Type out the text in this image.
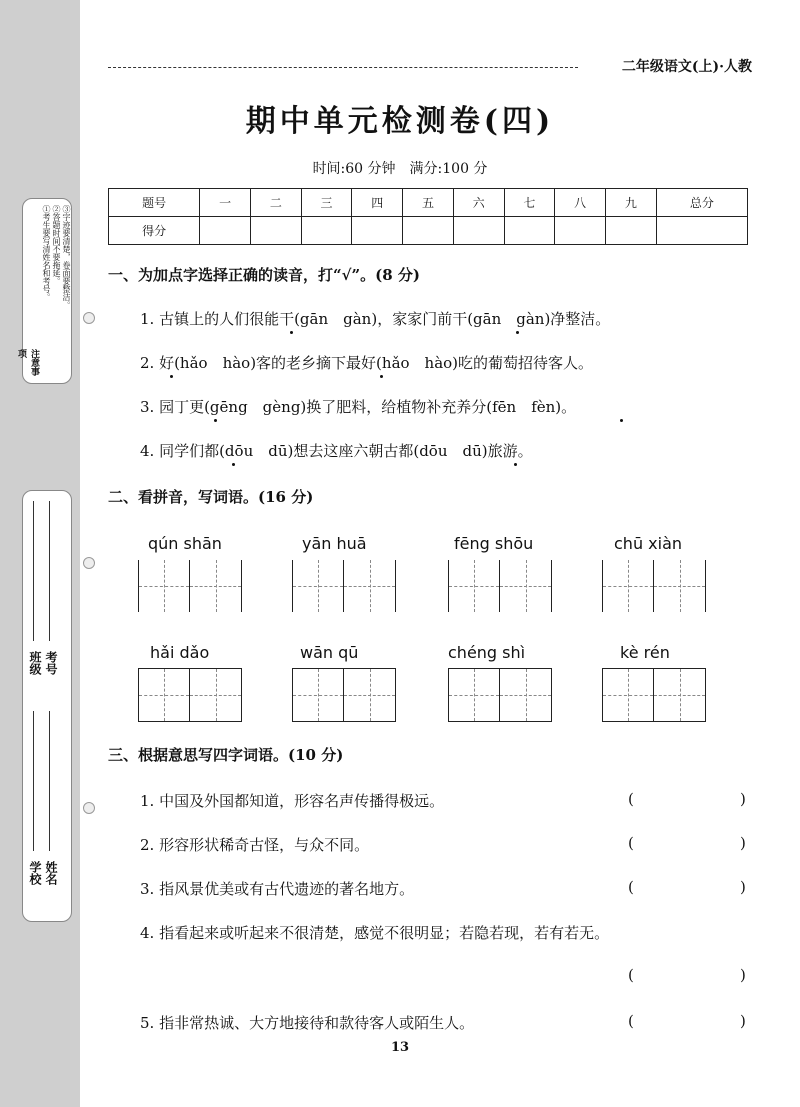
注意事项
①考生要写清姓名和考号。 ②答题时间不要拖延。 ③字迹要清楚，卷面要整洁。
学校 姓名
班级 考号
二年级语文(上)·人教
期中单元检测卷(四)
时间:60 分钟　满分:100 分
题号	一	二	三	四	五	六	七	八	九	总分
得分										
一、为加点字选择正确的读音，打“√”。(8 分)
1. 古镇上的人们很能干(gān　gàn)，家家门前干(gān　gàn)净整洁。
2. 好(hǎo　hào)客的老乡摘下最好(hǎo　hào)吃的葡萄招待客人。
3. 园丁更(gēng　gèng)换了肥料，给植物补充养分(fēn　fèn)。
4. 同学们都(dōu　dū)想去这座六朝古都(dōu　dū)旅游。
二、看拼音，写词语。(16 分)
qún shān	yān huā	fēng shōu	chū xiàn
hǎi dǎo	wān qū	chéng shì	kè rén
三、根据意思写四字词语。(10 分)
1. 中国及外国都知道，形容名声传播得极远。	(	)
2. 形容形状稀奇古怪，与众不同。	(	)
3. 指风景优美或有古代遗迹的著名地方。	(	)
4. 指看起来或听起来不很清楚，感觉不很明显；若隐若现，若有若无。
(	)
5. 指非常热诚、大方地接待和款待客人或陌生人。	(	)
13
